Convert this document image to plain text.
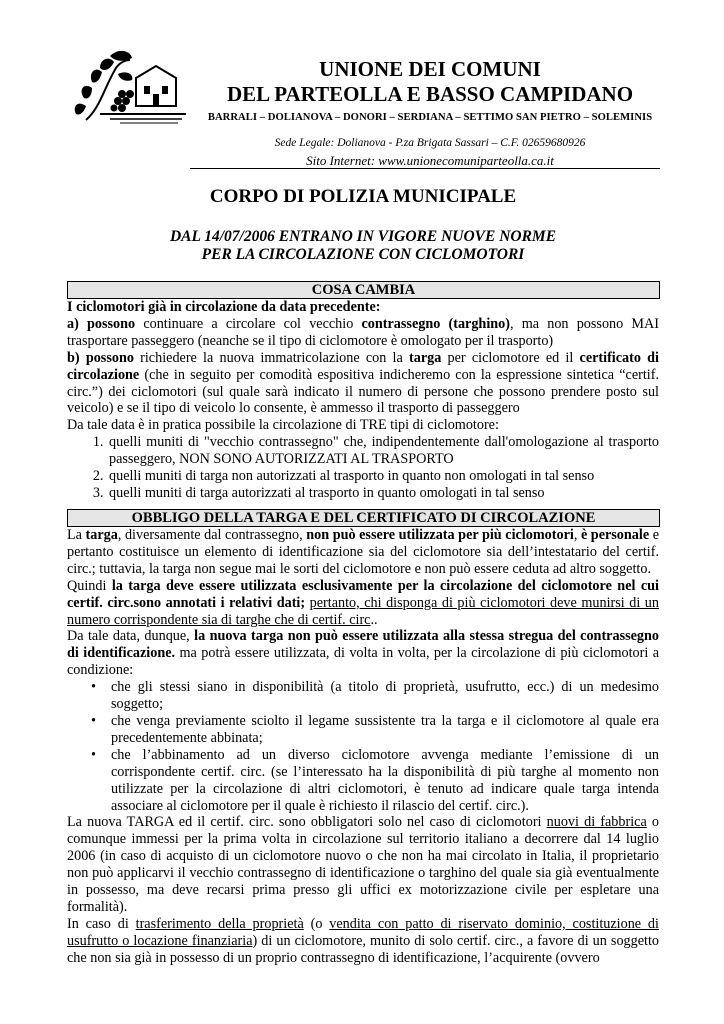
UNIONE DEI COMUNI
DEL PARTEOLLA E BASSO CAMPIDANO
BARRALI – DOLIANOVA – DONORI – SERDIANA – SETTIMO SAN PIETRO – SOLEMINIS
Sede Legale: Dolianova - P.za Brigata Sassari – C.F. 02659680926
Sito Internet: www.unionecomuniparteolla.ca.it
CORPO DI POLIZIA MUNICIPALE
DAL 14/07/2006 ENTRANO IN VIGORE NUOVE NORME
PER LA CIRCOLAZIONE CON CICLOMOTORI
COSA CAMBIA

I ciclomotori già in circolazione da data precedente:

a) possono continuare a circolare col vecchio contrassegno (targhino), ma non possono MAI trasportare passeggero (neanche se il tipo di ciclomotore è omologato per il trasporto)

b) possono richiedere la nuova immatricolazione con la targa per ciclomotore ed il certificato di circolazione (che in seguito per comodità espositiva indicheremo con la espressione sintetica “certif. circ.”) dei ciclomotori (sul quale sarà indicato il numero di persone che possono prendere posto sul veicolo) e se il tipo di veicolo lo consente, è ammesso il trasporto di passeggero

Da tale data è in pratica possibile la circolazione di TRE tipi di ciclomotore:

1. quelli muniti di "vecchio contrassegno" che, indipendentemente dall'omologazione al trasporto passeggero, NON SONO AUTORIZZATI AL TRASPORTO
2. quelli muniti di targa non autorizzati al trasporto in quanto non omologati in tal senso
3. quelli muniti di targa autorizzati al trasporto in quanto omologati in tal senso
OBBLIGO DELLA TARGA E DEL CERTIFICATO DI CIRCOLAZIONE

La targa, diversamente dal contrassegno, non può essere utilizzata per più ciclomotori, è personale e pertanto costituisce un elemento di identificazione sia del ciclomotore sia dell’intestatario del certif. circ.; tuttavia, la targa non segue mai le sorti del ciclomotore e non può essere ceduta ad altro soggetto.

Quindi la targa deve essere utilizzata esclusivamente per la circolazione del ciclomotore nel cui certif. circ.sono annotati i relativi dati; pertanto, chi disponga di più ciclomotori deve munirsi di un numero corrispondente sia di targhe che di certif. circ..

Da tale data, dunque, la nuova targa non può essere utilizzata alla stessa stregua del contrassegno di identificazione. ma potrà essere utilizzata, di volta in volta, per la circolazione di più ciclomotori a condizione:

• che gli stessi siano in disponibilità (a titolo di proprietà, usufrutto, ecc.) di un medesimo soggetto;
• che venga previamente sciolto il legame sussistente tra la targa e il ciclomotore al quale era precedentemente abbinata;
• che l’abbinamento ad un diverso ciclomotore avvenga mediante l’emissione di un corrispondente certif. circ. (se l’interessato ha la disponibilità di più targhe al momento non utilizzate per la circolazione di altri ciclomotori, è tenuto ad indicare quale targa intenda associare al ciclomotore per il quale è richiesto il rilascio del certif. circ.).

La nuova TARGA ed il certif. circ. sono obbligatori solo nel caso di ciclomotori nuovi di fabbrica o comunque immessi per la prima volta in circolazione sul territorio italiano a decorrere dal 14 luglio 2006 (in caso di acquisto di un ciclomotore nuovo o che non ha mai circolato in Italia, il proprietario non può applicarvi il vecchio contrassegno di identificazione o targhino del quale sia già eventualmente in possesso, ma deve recarsi prima presso gli uffici ex motorizzazione civile per espletare una formalità).

In caso di trasferimento della proprietà (o vendita con patto di riservato dominio, costituzione di usufrutto o locazione finanziaria) di un ciclomotore, munito di solo certif. circ., a favore di un soggetto che non sia già in possesso di un proprio contrassegno di identificazione, l’acquirente (ovvero
